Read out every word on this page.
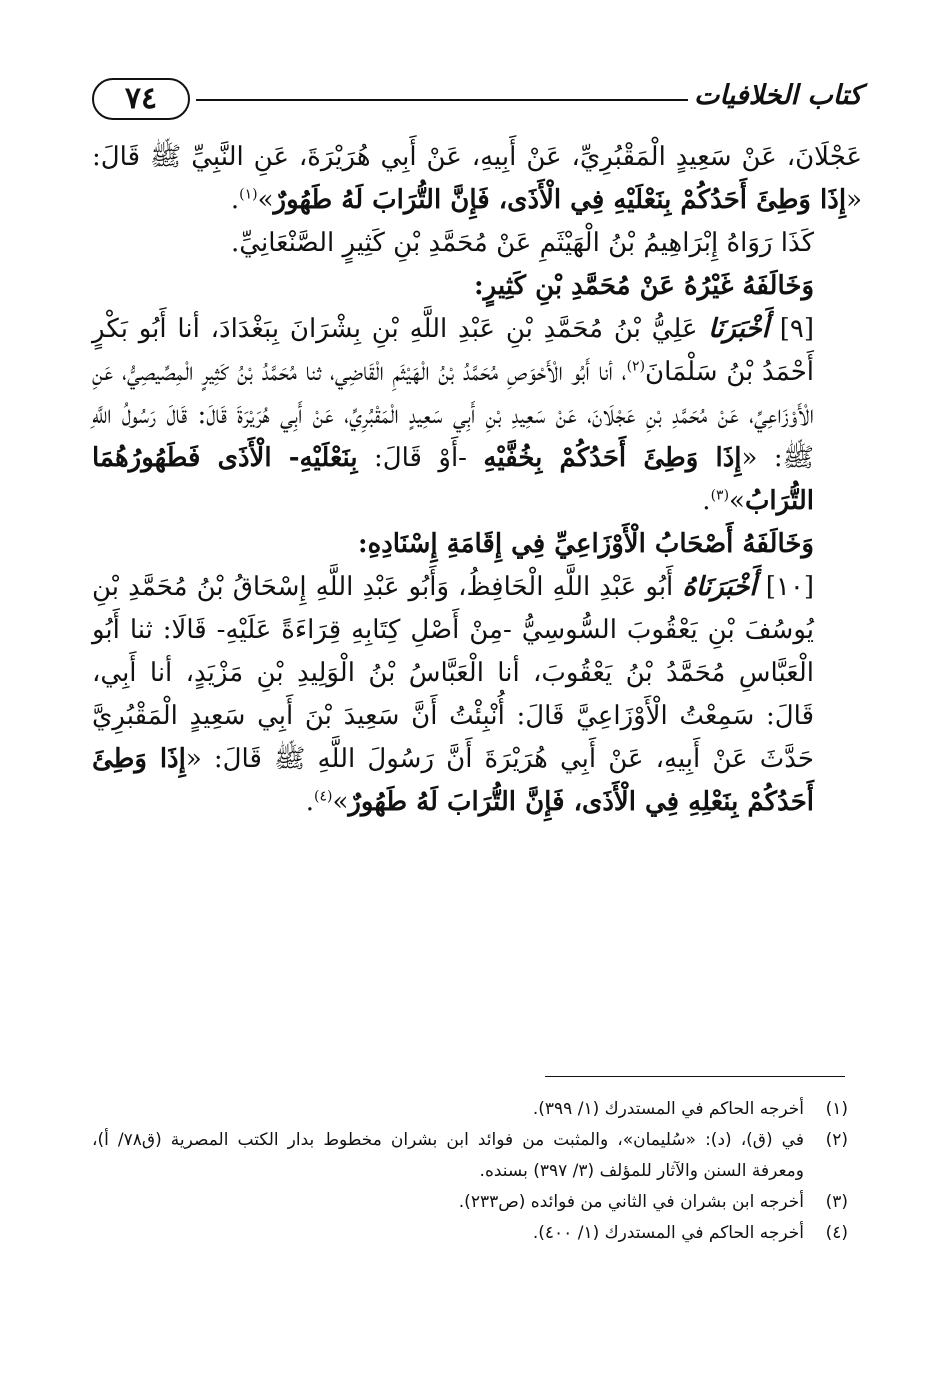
٧٤	كتاب الخلافيات

عَجْلَانَ، عَنْ سَعِيدٍ الْمَقْبُرِيِّ، عَنْ أَبِيهِ، عَنْ أَبِي هُرَيْرَةَ، عَنِ النَّبِيِّ ﷺ قَالَ: «إِذَا وَطِئَ أَحَدُكُمْ بِنَعْلَيْهِ فِي الْأَذَى، فَإِنَّ التُّرَابَ لَهُ طَهُورٌ»$^{(١)}$.

كَذَا رَوَاهُ إِبْرَاهِيمُ بْنُ الْهَيْثَمِ عَنْ مُحَمَّدِ بْنِ كَثِيرٍ الصَّنْعَانِيِّ.

وَخَالَفَهُ غَيْرُهُ عَنْ مُحَمَّدِ بْنِ كَثِيرٍ:

[٩] أَخْبَرَنَا عَلِيُّ بْنُ مُحَمَّدِ بْنِ عَبْدِ اللَّهِ بْنِ بِشْرَانَ بِبَغْدَادَ، أنا أَبُو بَكْرٍ أَحْمَدُ بْنُ سَلْمَانَ$^{(٢)}$، أنا أَبُو الْأَحْوَصِ مُحَمَّدُ بْنُ الْهَيْثَمِ الْقَاضِي، ثنا مُحَمَّدُ بْنُ كَثِيرٍ الْمِصِّيصِيُّ، عَنِ الْأَوْزَاعِيِّ، عَنْ مُحَمَّدِ بْنِ عَجْلَانَ، عَنْ سَعِيدِ بْنِ أَبِي سَعِيدٍ الْمَقْبُرِيِّ، عَنْ أَبِي هُرَيْرَةَ قَالَ: قَالَ رَسُولُ اللَّهِ ﷺ: «إِذَا وَطِئَ أَحَدُكُمْ بِخُفَّيْهِ -أَوْ قَالَ: بِنَعْلَيْهِ- الْأَذَى فَطَهُورُهُمَا التُّرَابُ»$^{(٣)}$.

وَخَالَفَهُ أَصْحَابُ الْأَوْزَاعِيِّ فِي إِقَامَةِ إِسْنَادِهِ:

[١٠] أَخْبَرَنَاهُ أَبُو عَبْدِ اللَّهِ الْحَافِظُ، وَأَبُو عَبْدِ اللَّهِ إِسْحَاقُ بْنُ مُحَمَّدِ بْنِ يُوسُفَ بْنِ يَعْقُوبَ السُّوسِيُّ -مِنْ أَصْلِ كِتَابِهِ قِرَاءَةً عَلَيْهِ- قَالَا: ثنا أَبُو الْعَبَّاسِ مُحَمَّدُ بْنُ يَعْقُوبَ، أنا الْعَبَّاسُ بْنُ الْوَلِيدِ بْنِ مَزْيَدٍ، أنا أَبِي، قَالَ: سَمِعْتُ الْأَوْزَاعِيَّ قَالَ: أُنْبِئْتُ أَنَّ سَعِيدَ بْنَ أَبِي سَعِيدٍ الْمَقْبُرِيَّ حَدَّثَ عَنْ أَبِيهِ، عَنْ أَبِي هُرَيْرَةَ أَنَّ رَسُولَ اللَّهِ ﷺ قَالَ: «إِذَا وَطِئَ أَحَدُكُمْ بِنَعْلِهِ فِي الْأَذَى، فَإِنَّ التُّرَابَ لَهُ طَهُورٌ»$^{(٤)}$.

(١)
أخرجه الحاكم في المستدرك (١/ ٣٩٩).
(٢)
في (ق)، (د): «سُليمان»، والمثبت من فوائد ابن بشران مخطوط بدار الكتب المصرية (ق٧٨/ أ)، ومعرفة السنن والآثار للمؤلف (٣/ ٣٩٧) بسنده.
(٣)
أخرجه ابن بشران في الثاني من فوائده (ص٢٣٣).
(٤)
أخرجه الحاكم في المستدرك (١/ ٤٠٠).
